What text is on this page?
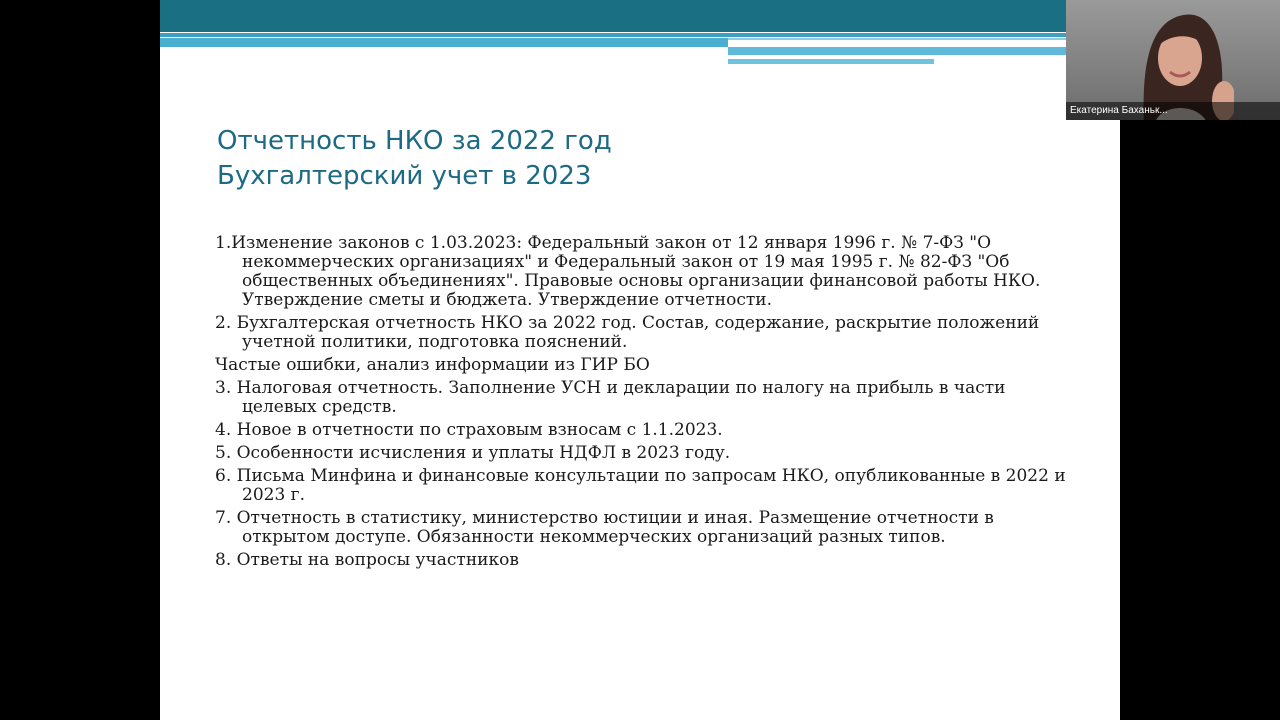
Отчетность НКО за 2022 год
Бухгалтерский учет в 2023
1.Изменение законов с 1.03.2023: Федеральный закон от 12 января 1996 г. № 7-ФЗ "О некоммерческих организациях" и Федеральный закон от 19 мая 1995 г. № 82-ФЗ "Об общественных объединениях". Правовые основы организации финансовой работы НКО. Утверждение сметы и бюджета. Утверждение отчетности.
2. Бухгалтерская отчетность НКО за 2022 год. Состав, содержание, раскрытие положений учетной политики, подготовка пояснений.
Частые ошибки, анализ информации из ГИР БО
3. Налоговая отчетность. Заполнение УСН и декларации по налогу на прибыль в части целевых средств.
4. Новое в отчетности по страховым взносам с 1.1.2023.
5. Особенности исчисления и уплаты НДФЛ в 2023 году.
6. Письма Минфина и финансовые консультации по запросам НКО, опубликованные в 2022 и 2023 г.
7. Отчетность в статистику, министерство юстиции и иная. Размещение отчетности в открытом доступе. Обязанности некоммерческих организаций разных типов.
8. Ответы на вопросы участников
Екатерина Баханьк...
